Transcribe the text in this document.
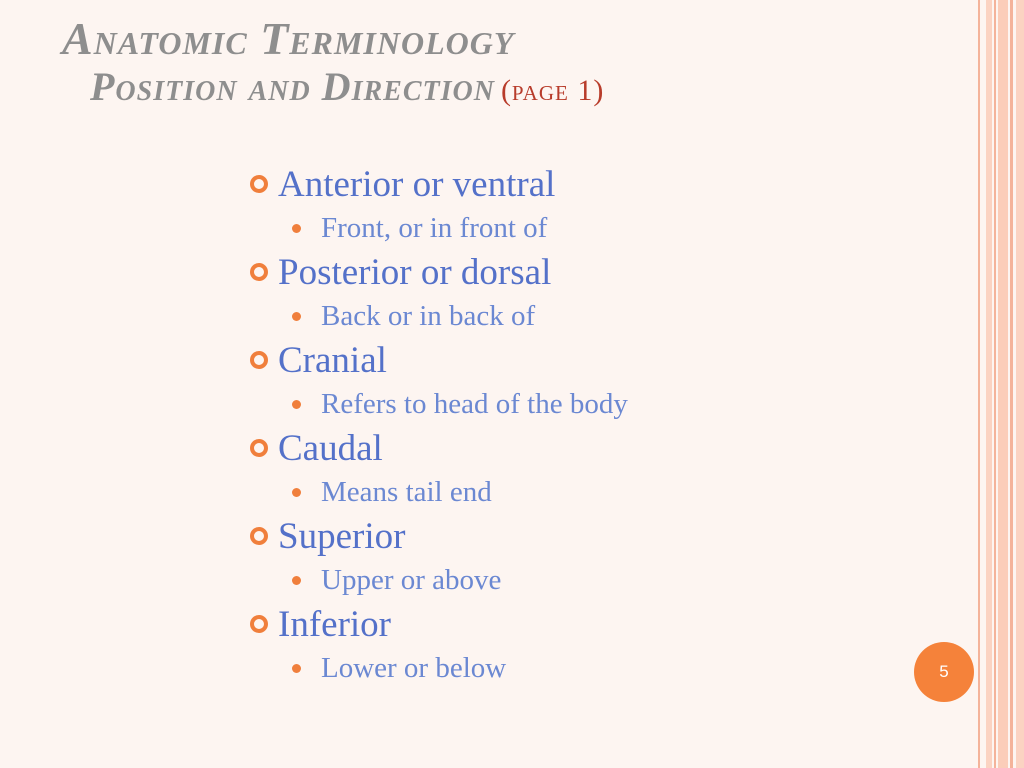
Anatomic Terminology
Position and Direction (page 1)
Anterior or ventral
Front, or in front of
Posterior or dorsal
Back or in back of
Cranial
Refers to head of the body
Caudal
Means tail end
Superior
Upper or above
Inferior
Lower or below	5
